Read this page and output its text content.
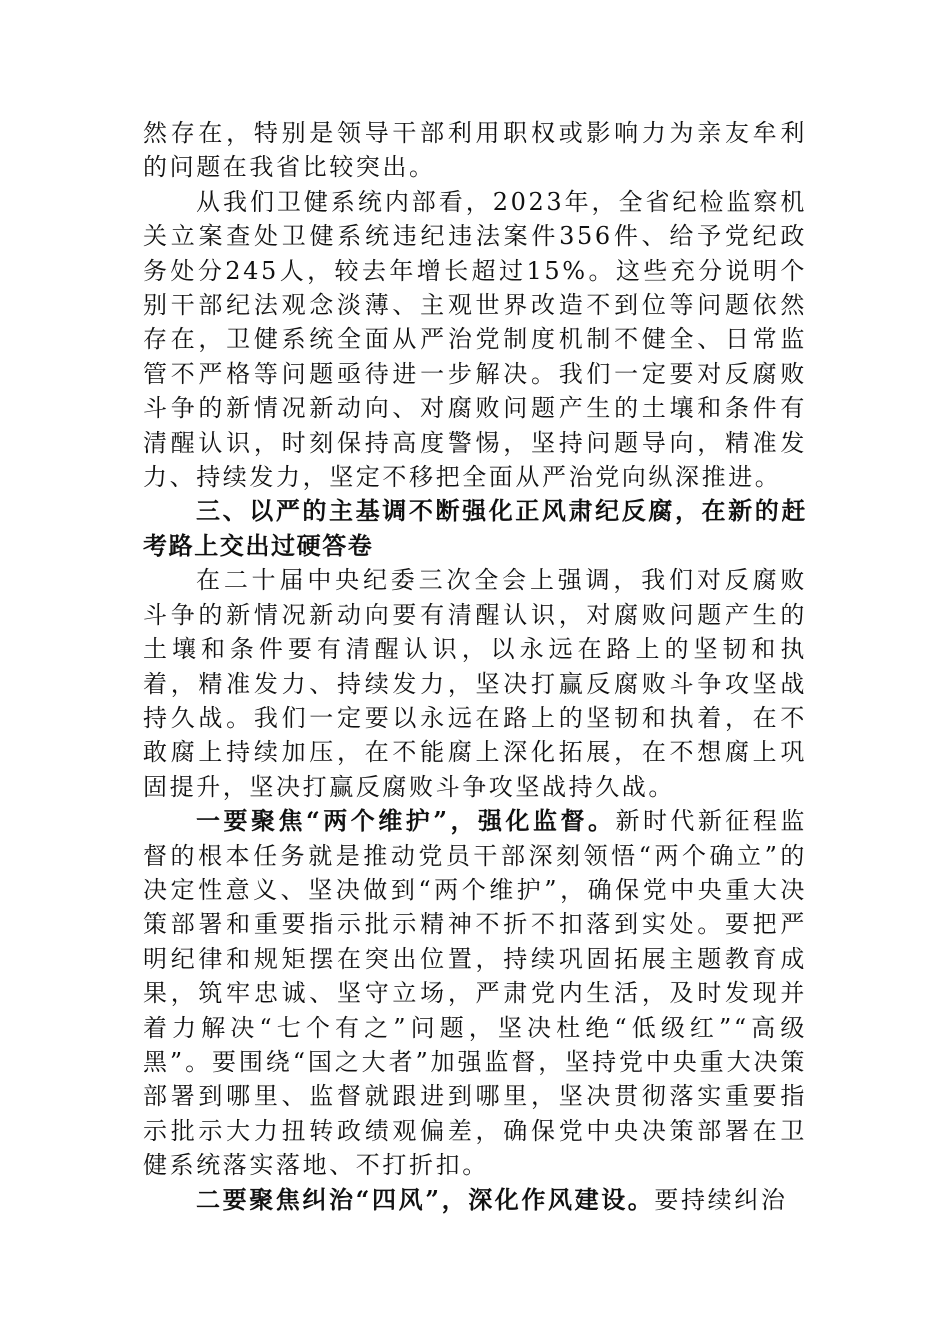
然存在，特别是领导干部利用职权或影响力为亲友牟利的问题在我省比较突出。

从我们卫健系统内部看，2023年，全省纪检监察机关立案查处卫健系统违纪违法案件356件、给予党纪政务处分245人，较去年增长超过15%。这些充分说明个别干部纪法观念淡薄、主观世界改造不到位等问题依然存在，卫健系统全面从严治党制度机制不健全、日常监管不严格等问题亟待进一步解决。我们一定要对反腐败斗争的新情况新动向、对腐败问题产生的土壤和条件有清醒认识，时刻保持高度警惕，坚持问题导向，精准发力、持续发力，坚定不移把全面从严治党向纵深推进。

三、以严的主基调不断强化正风肃纪反腐，在新的赶考路上交出过硬答卷

在二十届中央纪委三次全会上强调，我们对反腐败斗争的新情况新动向要有清醒认识，对腐败问题产生的土壤和条件要有清醒认识，以永远在路上的坚韧和执着，精准发力、持续发力，坚决打赢反腐败斗争攻坚战持久战。我们一定要以永远在路上的坚韧和执着，在不敢腐上持续加压，在不能腐上深化拓展，在不想腐上巩固提升，坚决打赢反腐败斗争攻坚战持久战。

一要聚焦“两个维护”，强化监督。新时代新征程监督的根本任务就是推动党员干部深刻领悟“两个确立”的决定性意义、坚决做到“两个维护”，确保党中央重大决策部署和重要指示批示精神不折不扣落到实处。要把严明纪律和规矩摆在突出位置，持续巩固拓展主题教育成果，筑牢忠诚、坚守立场，严肃党内生活，及时发现并着力解决“七个有之”问题，坚决杜绝“低级红”“高级黑”。要围绕“国之大者”加强监督，坚持党中央重大决策部署到哪里、监督就跟进到哪里，坚决贯彻落实重要指示批示大力扭转政绩观偏差，确保党中央决策部署在卫健系统落实落地、不打折扣。

二要聚焦纠治“四风”，深化作风建设。要持续纠治
